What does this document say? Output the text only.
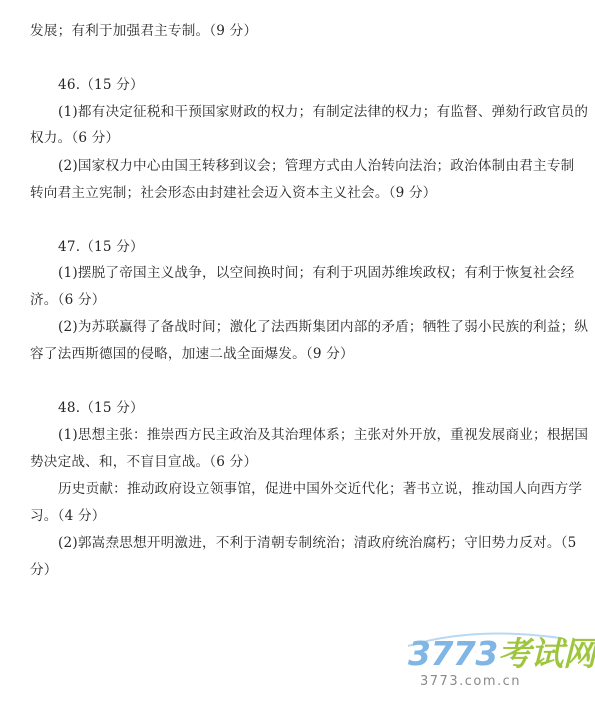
发展；有利于加强君主专制。（9 分）
46.（15 分）
(1)都有决定征税和干预国家财政的权力；有制定法律的权力；有监督、弹劾行政官员的
权力。（6 分）
(2)国家权力中心由国王转移到议会；管理方式由人治转向法治；政治体制由君主专制
转向君主立宪制；社会形态由封建社会迈入资本主义社会。（9 分）
47.（15 分）
(1)摆脱了帝国主义战争，以空间换时间；有利于巩固苏维埃政权；有利于恢复社会经
济。（6 分）
(2)为苏联赢得了备战时间；激化了法西斯集团内部的矛盾；牺牲了弱小民族的利益；纵
容了法西斯德国的侵略，加速二战全面爆发。（9 分）
48.（15 分）
(1)思想主张：推崇西方民主政治及其治理体系；主张对外开放，重视发展商业；根据国
势决定战、和，不盲目宣战。（6 分）
历史贡献：推动政府设立领事馆，促进中国外交近代化；著书立说，推动国人向西方学
习。（4 分）
(2)郭嵩焘思想开明激进，不利于清朝专制统治；清政府统治腐朽；守旧势力反对。（5
分）
3773考试网
3773.com.cn
